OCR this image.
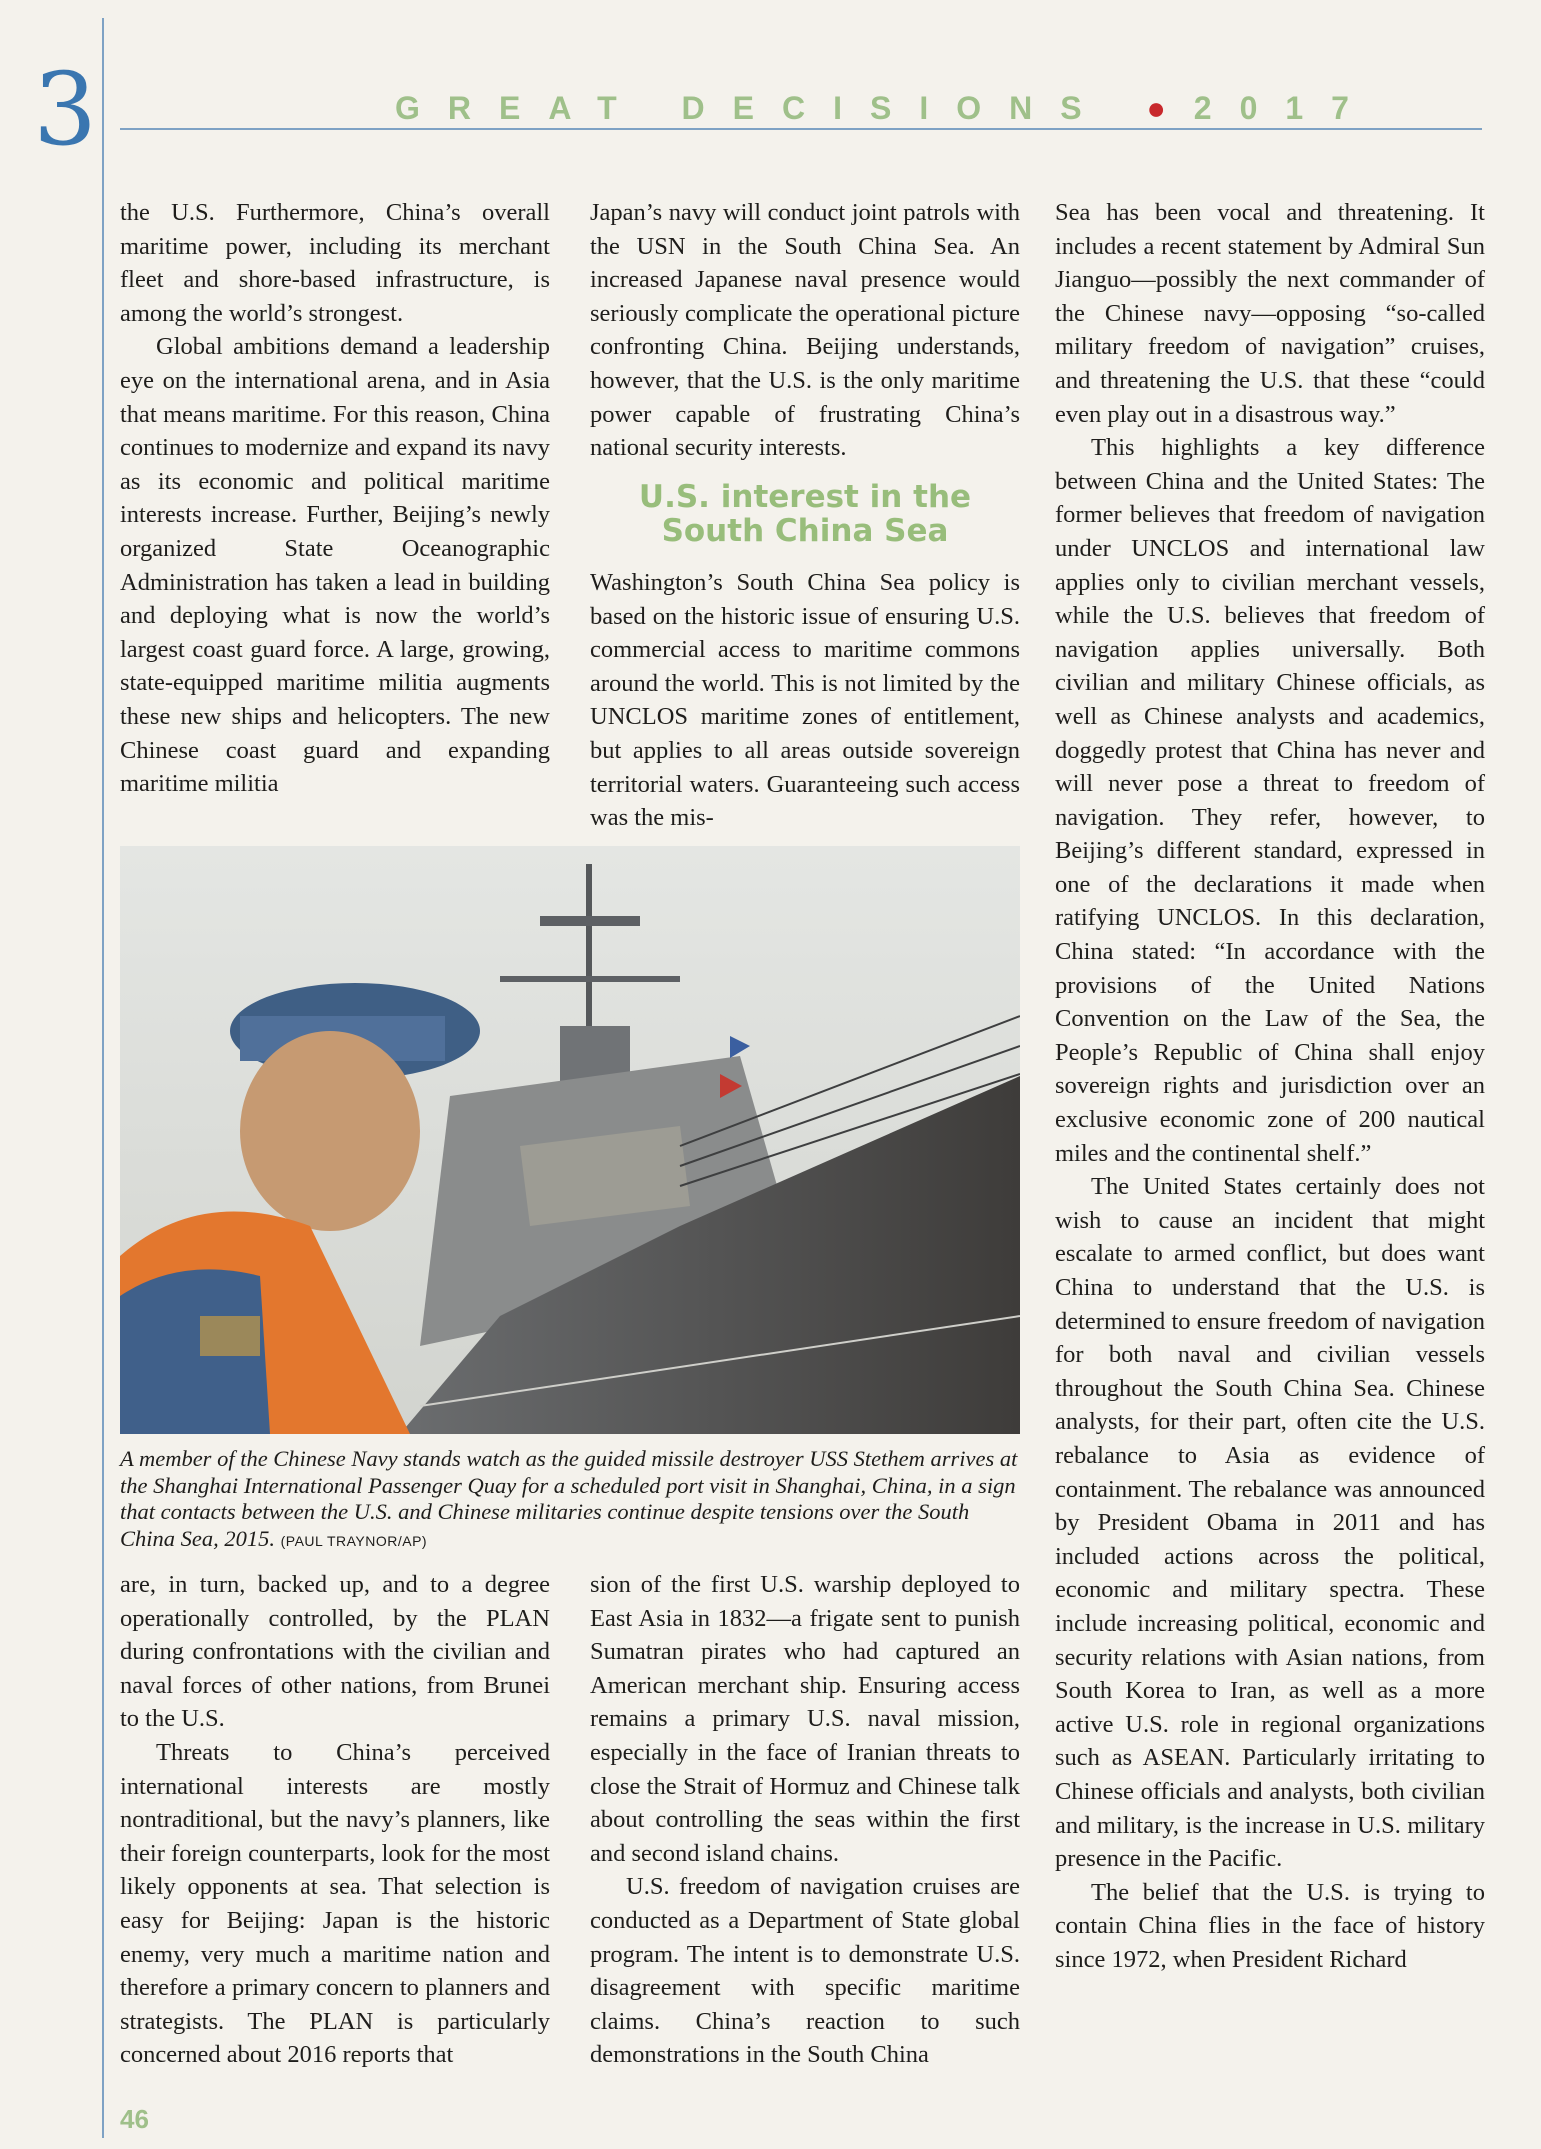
3	GREAT DECISIONS ● 2017

the U.S. Furthermore, China’s overall maritime power, including its merchant fleet and shore-based infrastructure, is among the world’s strongest.

Global ambitions demand a leadership eye on the international arena, and in Asia that means maritime. For this reason, China continues to modernize and expand its navy as its economic and political maritime interests increase. Further, Beijing’s newly organized State Oceanographic Administration has taken a lead in building and deploying what is now the world’s largest coast guard force. A large, growing, state-equipped maritime militia augments these new ships and helicopters. The new Chinese coast guard and expanding maritime militia

Japan’s navy will conduct joint patrols with the USN in the South China Sea. An increased Japanese naval presence would seriously complicate the operational picture confronting China. Beijing understands, however, that the U.S. is the only maritime power capable of frustrating China’s national security interests.

U.S. interest in the
South China Sea

Washington’s South China Sea policy is based on the historic issue of ensuring U.S. commercial access to maritime commons around the world. This is not limited by the UNCLOS maritime zones of entitlement, but applies to all areas outside sovereign territorial waters. Guaranteeing such access was the mis-

Sea has been vocal and threatening. It includes a recent statement by Admiral Sun Jianguo—possibly the next commander of the Chinese navy—opposing “so-called military freedom of navigation” cruises, and threatening the U.S. that these “could even play out in a disastrous way.”

This highlights a key difference between China and the United States: The former believes that freedom of navigation under UNCLOS and international law applies only to civilian merchant vessels, while the U.S. believes that freedom of navigation applies universally. Both civilian and military Chinese officials, as well as Chinese analysts and academics, doggedly protest that China has never and will never pose a threat to freedom of navigation. They refer, however, to Beijing’s different standard, expressed in one of the declarations it made when ratifying UNCLOS. In this declaration, China stated: “In accordance with the provisions of the United Nations Convention on the Law of the Sea, the People’s Republic of China shall enjoy sovereign rights and jurisdiction over an exclusive economic zone of 200 nautical miles and the continental shelf.”

The United States certainly does not wish to cause an incident that might escalate to armed conflict, but does want China to understand that the U.S. is determined to ensure freedom of navigation for both naval and civilian vessels throughout the South China Sea. Chinese analysts, for their part, often cite the U.S. rebalance to Asia as evidence of containment. The rebalance was announced by President Obama in 2011 and has included actions across the political, economic and military spectra. These include increasing political, economic and security relations with Asian nations, from South Korea to Iran, as well as a more active U.S. role in regional organizations such as ASEAN. Particularly irritating to Chinese officials and analysts, both civilian and military, is the increase in U.S. military presence in the Pacific.

The belief that the U.S. is trying to contain China flies in the face of history since 1972, when President Richard

A member of the Chinese Navy stands watch as the guided missile destroyer USS Stethem arrives at the Shanghai International Passenger Quay for a scheduled port visit in Shanghai, China, in a sign that contacts between the U.S. and Chinese militaries continue despite tensions over the South China Sea, 2015. (PAUL TRAYNOR/AP)

are, in turn, backed up, and to a degree operationally controlled, by the PLAN during confrontations with the civilian and naval forces of other nations, from Brunei to the U.S.

Threats to China’s perceived international interests are mostly nontraditional, but the navy’s planners, like their foreign counterparts, look for the most likely opponents at sea. That selection is easy for Beijing: Japan is the historic enemy, very much a maritime nation and therefore a primary concern to planners and strategists. The PLAN is particularly concerned about 2016 reports that

sion of the first U.S. warship deployed to East Asia in 1832—a frigate sent to punish Sumatran pirates who had captured an American merchant ship. Ensuring access remains a primary U.S. naval mission, especially in the face of Iranian threats to close the Strait of Hormuz and Chinese talk about controlling the seas within the first and second island chains.

U.S. freedom of navigation cruises are conducted as a Department of State global program. The intent is to demonstrate U.S. disagreement with specific maritime claims. China’s reaction to such demonstrations in the South China

46
